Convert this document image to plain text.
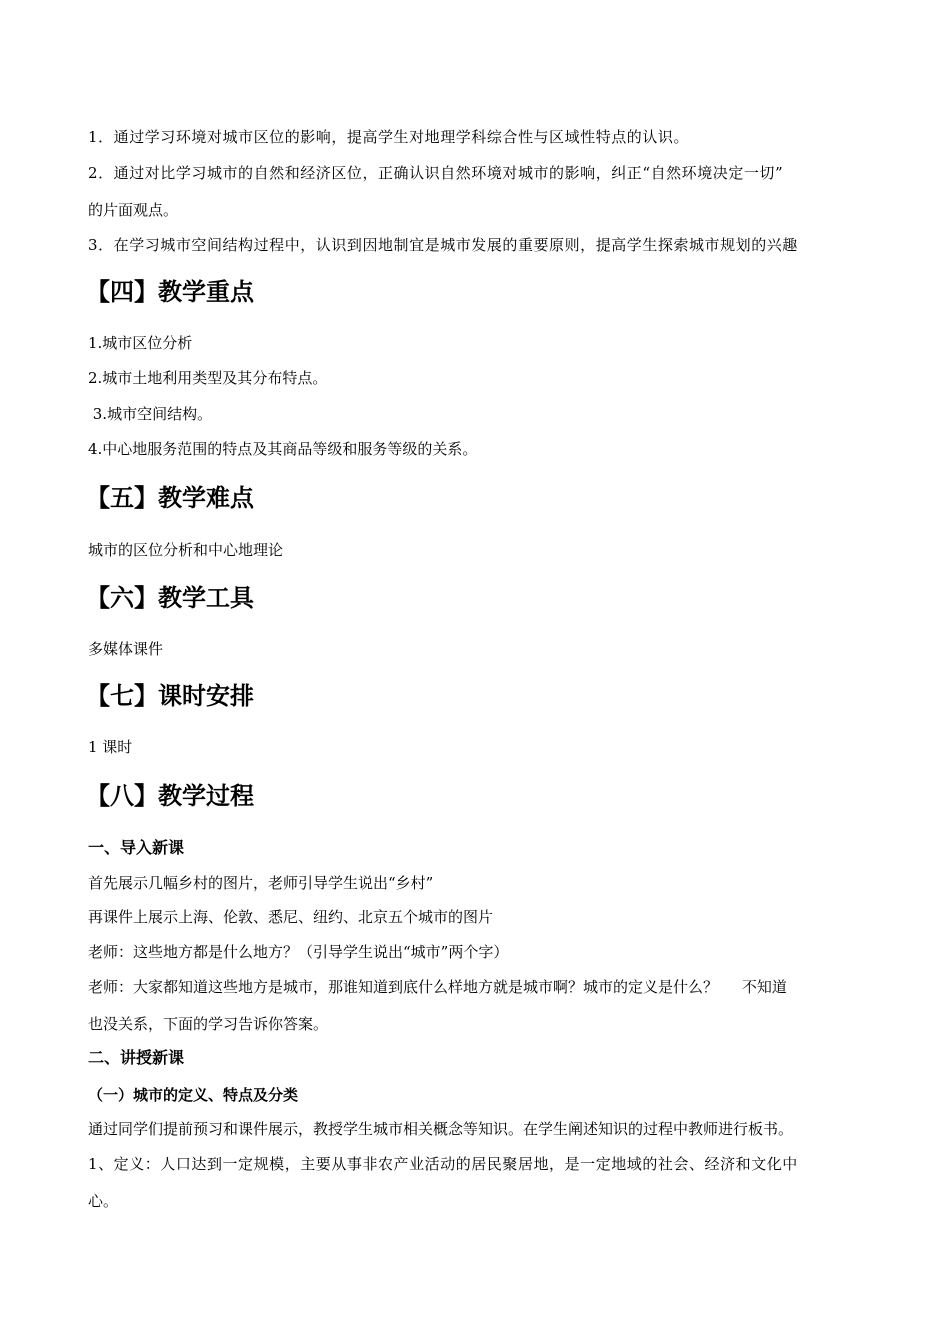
1．通过学习环境对城市区位的影响，提高学生对地理学科综合性与区域性特点的认识。
2．通过对比学习城市的自然和经济区位，正确认识自然环境对城市的影响，纠正“自然环境决定一切”
的片面观点。
3．在学习城市空间结构过程中，认识到因地制宜是城市发展的重要原则，提高学生探索城市规划的兴趣
【四】教学重点
1.城市区位分析
2.城市土地利用类型及其分布特点。
3.城市空间结构。
4.中心地服务范围的特点及其商品等级和服务等级的关系。
【五】教学难点
城市的区位分析和中心地理论
【六】教学工具
多媒体课件
【七】课时安排
1 课时
【八】教学过程
一、导入新课
首先展示几幅乡村的图片，老师引导学生说出“乡村”
再课件上展示上海、伦敦、悉尼、纽约、北京五个城市的图片
老师：这些地方都是什么地方？（引导学生说出“城市”两个字）
老师：大家都知道这些地方是城市，那谁知道到底什么样地方就是城市啊？城市的定义是什么？     不知道
也没关系，下面的学习告诉你答案。
二、讲授新课
（一）城市的定义、特点及分类
通过同学们提前预习和课件展示，教授学生城市相关概念等知识。在学生阐述知识的过程中教师进行板书。
1、定义：人口达到一定规模，主要从事非农产业活动的居民聚居地，是一定地域的社会、经济和文化中
心。
